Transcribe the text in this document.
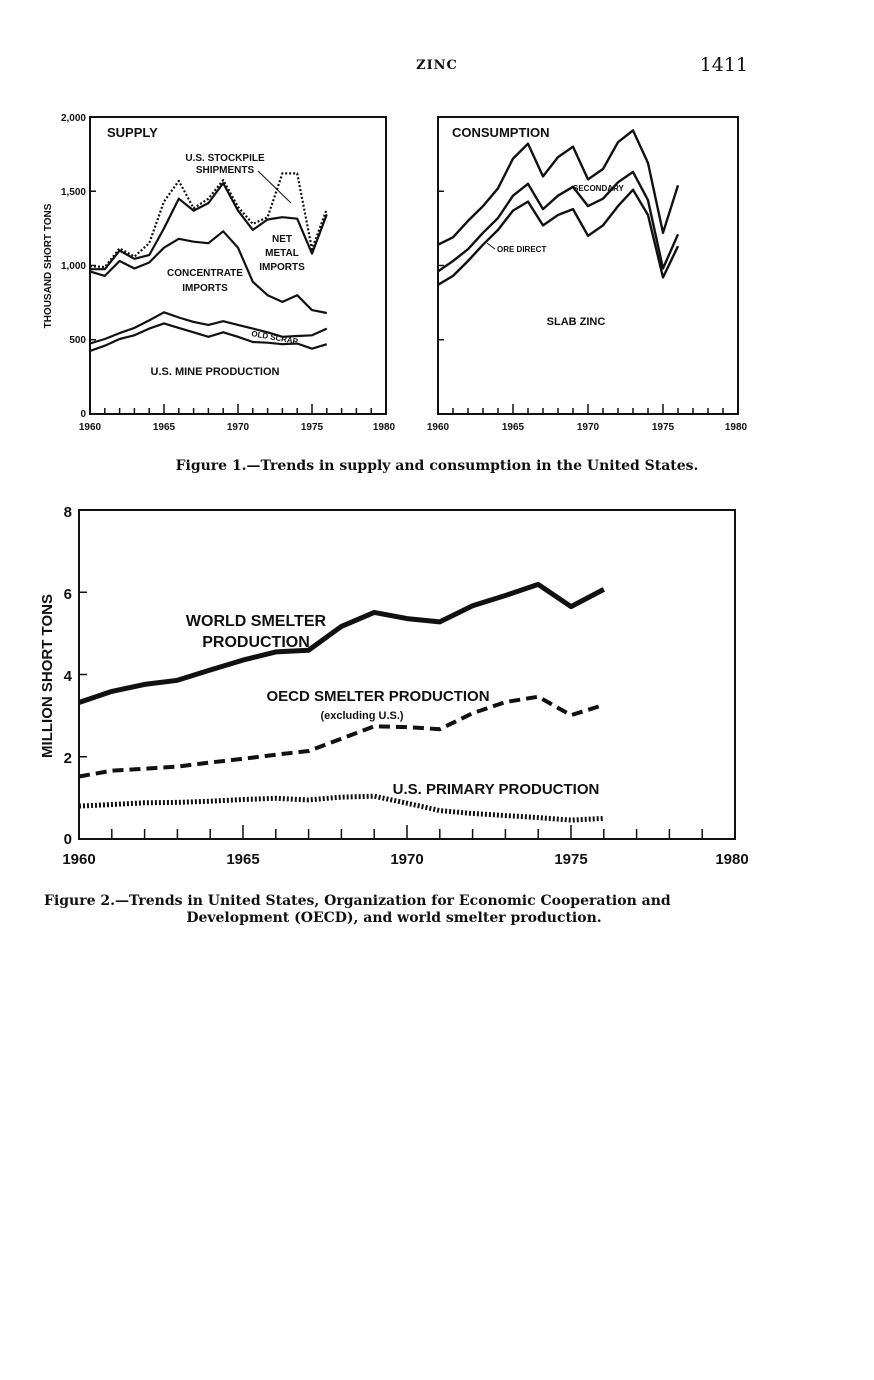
ZINC	1411
SUPPLY
U.S. STOCKPILE
SHIPMENTS
NET
METAL
IMPORTS
CONCENTRATE
IMPORTS
OLD SCRAP
U.S. MINE PRODUCTION
THOUSAND SHORT TONS
2,000
1,500
1,000
500
0
1960	1965	1970	1975	1980
CONSUMPTION
SECONDARY
ORE DIRECT
SLAB ZINC
1960	1965	1970	1975	1980
MILLION SHORT TONS
8
6
4
2
0
1960	1965	1970	1975	1980
WORLD SMELTER
PRODUCTION
OECD SMELTER PRODUCTION
(excluding U.S.)
U.S. PRIMARY PRODUCTION
Figure 1.—Trends in supply and consumption in the United States.
Figure 2.—Trends in United States, Organization for Economic Cooperation and
Development (OECD), and world smelter production.
